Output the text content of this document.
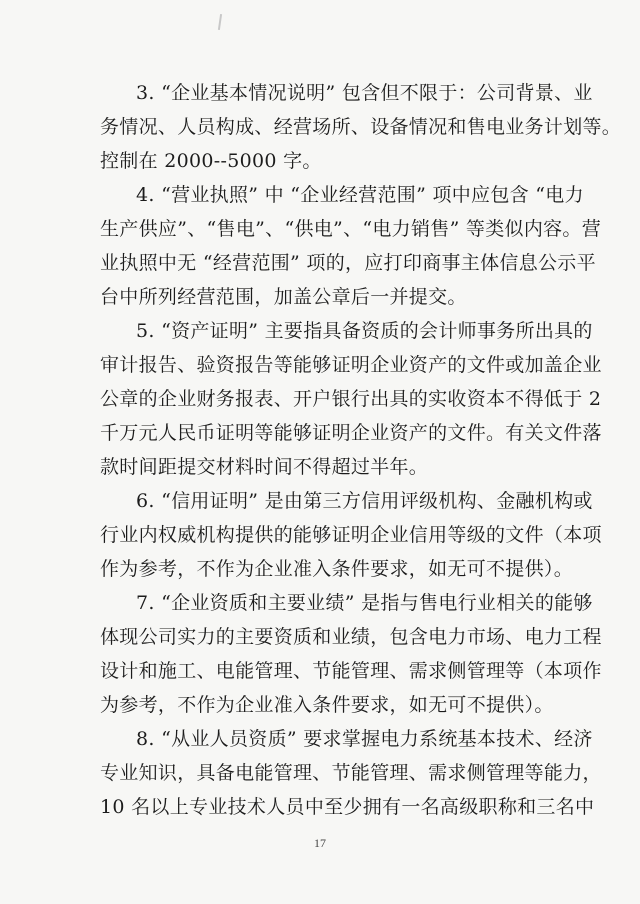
3. “企业基本情况说明” 包含但不限于：公司背景、业
务情况、人员构成、经营场所、设备情况和售电业务计划等。
控制在 2000--5000 字。
4. “营业执照” 中 “企业经营范围” 项中应包含 “电力
生产供应”、“售电”、“供电”、“电力销售” 等类似内容。营
业执照中无 “经营范围” 项的，应打印商事主体信息公示平
台中所列经营范围，加盖公章后一并提交。
5. “资产证明” 主要指具备资质的会计师事务所出具的
审计报告、验资报告等能够证明企业资产的文件或加盖企业
公章的企业财务报表、开户银行出具的实收资本不得低于 2
千万元人民币证明等能够证明企业资产的文件。有关文件落
款时间距提交材料时间不得超过半年。
6. “信用证明” 是由第三方信用评级机构、金融机构或
行业内权威机构提供的能够证明企业信用等级的文件（本项
作为参考，不作为企业准入条件要求，如无可不提供）。
7. “企业资质和主要业绩” 是指与售电行业相关的能够
体现公司实力的主要资质和业绩，包含电力市场、电力工程
设计和施工、电能管理、节能管理、需求侧管理等（本项作
为参考，不作为企业准入条件要求，如无可不提供）。
8. “从业人员资质” 要求掌握电力系统基本技术、经济
专业知识，具备电能管理、节能管理、需求侧管理等能力，
10 名以上专业技术人员中至少拥有一名高级职称和三名中
17
